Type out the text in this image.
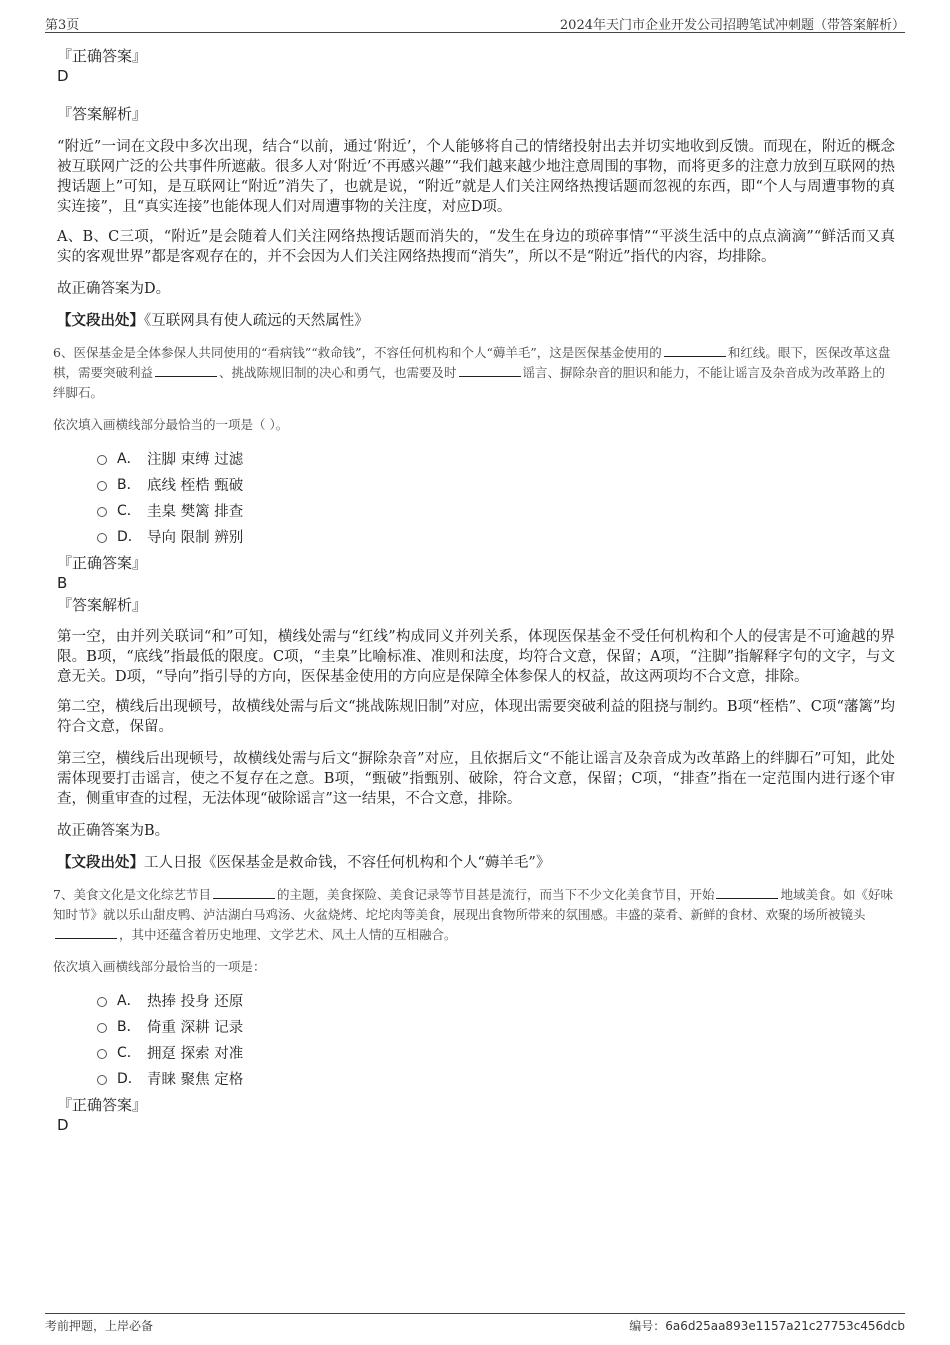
第3页	2024年天门市企业开发公司招聘笔试冲刺题（带答案解析）
『正确答案』
D
『答案解析』

“附近”一词在文段中多次出现，结合“以前，通过‘附近’，个人能够将自己的情绪投射出去并切实地收到反馈。而现在，附近的概念被互联网广泛的公共事件所遮蔽。很多人对‘附近’不再感兴趣”“我们越来越少地注意周围的事物，而将更多的注意力放到互联网的热搜话题上”可知，是互联网让“附近”消失了，也就是说，“附近”就是人们关注网络热搜话题而忽视的东西，即“个人与周遭事物的真实连接”，且“真实连接”也能体现人们对周遭事物的关注度，对应D项。

A、B、C三项，“附近”是会随着人们关注网络热搜话题而消失的，“发生在身边的琐碎事情”“平淡生活中的点点滴滴”“鲜活而又真实的客观世界”都是客观存在的，并不会因为人们关注网络热搜而“消失”，所以不是“附近”指代的内容，均排除。

故正确答案为D。

【文段出处】《互联网具有使人疏远的天然属性》

6、医保基金是全体参保人共同使用的“看病钱”“救命钱”，不容任何机构和个人“薅羊毛”，这是医保基金使用的	和红线。眼下，医保改革这盘棋，需要突破利益	、挑战陈规旧制的决心和勇气，也需要及时	谣言、摒除杂音的胆识和能力，不能让谣言及杂音成为改革路上的绊脚石。

依次填入画横线部分最恰当的一项是（ ）。
A． 注脚 束缚 过滤
B． 底线 桎梏 甄破
C． 圭臬 樊篱 排查
D． 导向 限制 辨别
『正确答案』
B
『答案解析』

第一空，由并列关联词“和”可知，横线处需与“红线”构成同义并列关系，体现医保基金不受任何机构和个人的侵害是不可逾越的界限。B项，“底线”指最低的限度。C项，“圭臬”比喻标准、准则和法度，均符合文意，保留；A项，“注脚”指解释字句的文字，与文意无关。D项，“导向”指引导的方向，医保基金使用的方向应是保障全体参保人的权益，故这两项均不合文意，排除。

第二空，横线后出现顿号，故横线处需与后文“挑战陈规旧制”对应，体现出需要突破利益的阻挠与制约。B项“桎梏”、C项“藩篱”均符合文意，保留。

第三空，横线后出现顿号，故横线处需与后文“摒除杂音”对应，且依据后文“不能让谣言及杂音成为改革路上的绊脚石”可知，此处需体现要打击谣言，使之不复存在之意。B项，“甄破”指甄别、破除，符合文意，保留；C项，“排查”指在一定范围内进行逐个审查，侧重审查的过程，无法体现“破除谣言”这一结果，不合文意，排除。

故正确答案为B。

【文段出处】工人日报《医保基金是救命钱，不容任何机构和个人“薅羊毛”》

7、美食文化是文化综艺节目	的主题，美食探险、美食记录等节目甚是流行，而当下不少文化美食节目，开始	地域美食。如《好味知时节》就以乐山甜皮鸭、泸沽湖白马鸡汤、火盆烧烤、坨坨肉等美食，展现出食物所带来的氛围感。丰盛的菜肴、新鲜的食材、欢聚的场所被镜头，其中还蕴含着历史地理、文学艺术、风土人情的互相融合。

依次填入画横线部分最恰当的一项是：
A． 热捧 投身 还原
B． 倚重 深耕 记录
C． 拥趸 探索 对准
D． 青睐 聚焦 定格
『正确答案』
D
考前押题，上岸必备	编号：6a6d25aa893e1157a21c27753c456dcb
